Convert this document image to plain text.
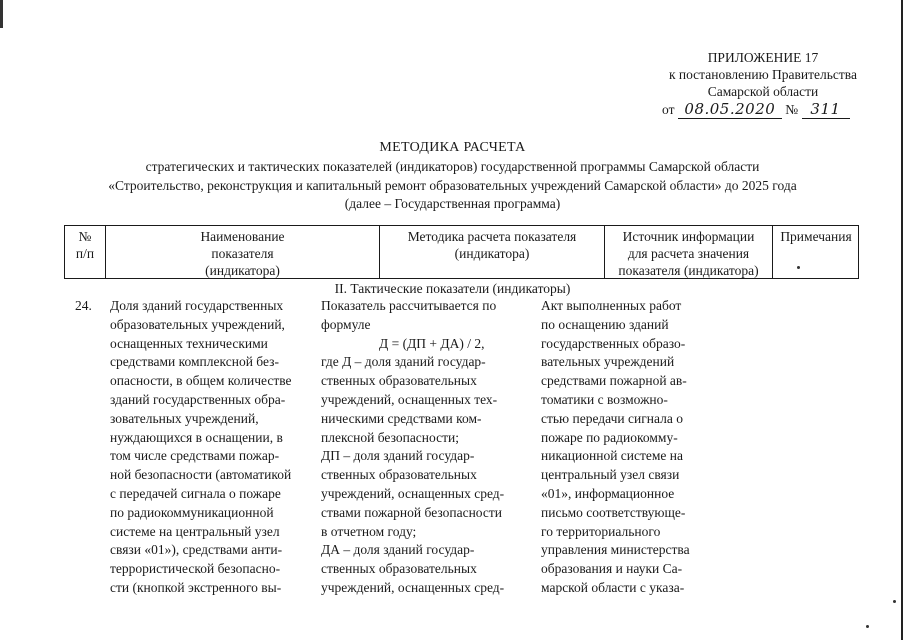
ПРИЛОЖЕНИЕ 17
к постановлению Правительства
Самарской области
от 08.05.2020 № 311
МЕТОДИКА РАСЧЕТА
стратегических и тактических показателей (индикаторов) государственной программы Самарской области
«Строительство, реконструкция и капитальный ремонт образовательных учреждений Самарской области» до 2025 года
(далее – Государственная программа)
№
п/п
Наименование
показателя
(индикатора)
Методика расчета показателя
(индикатора)
Источник информации
для расчета значения
показателя (индикатора)
Примечания
II. Тактические показатели (индикаторы)
24. Доля зданий государственных
образовательных учреждений,
оснащенных техническими
средствами комплексной без-
опасности, в общем количестве
зданий государственных обра-
зовательных учреждений,
нуждающихся в оснащении, в
том числе средствами пожар-
ной безопасности (автоматикой
с передачей сигнала о пожаре
по радиокоммуникационной
системе на центральный узел
связи «01»), средствами анти-
террористической безопасно-
сти (кнопкой экстренного вы-
Показатель рассчитывается по
формуле
Д = (ДП + ДА) / 2,
где Д – доля зданий государ-
ственных образовательных
учреждений, оснащенных тех-
ническими средствами ком-
плексной безопасности;
ДП – доля зданий государ-
ственных образовательных
учреждений, оснащенных сред-
ствами пожарной безопасности
в отчетном году;
ДА – доля зданий государ-
ственных образовательных
учреждений, оснащенных сред-
Акт выполненных работ
по оснащению зданий
государственных образо-
вательных учреждений
средствами пожарной ав-
томатики с возможно-
стью передачи сигнала о
пожаре по радиокомму-
никационной системе на
центральный узел связи
«01», информационное
письмо соответствующе-
го территориального
управления министерства
образования и науки Са-
марской области с указа-
